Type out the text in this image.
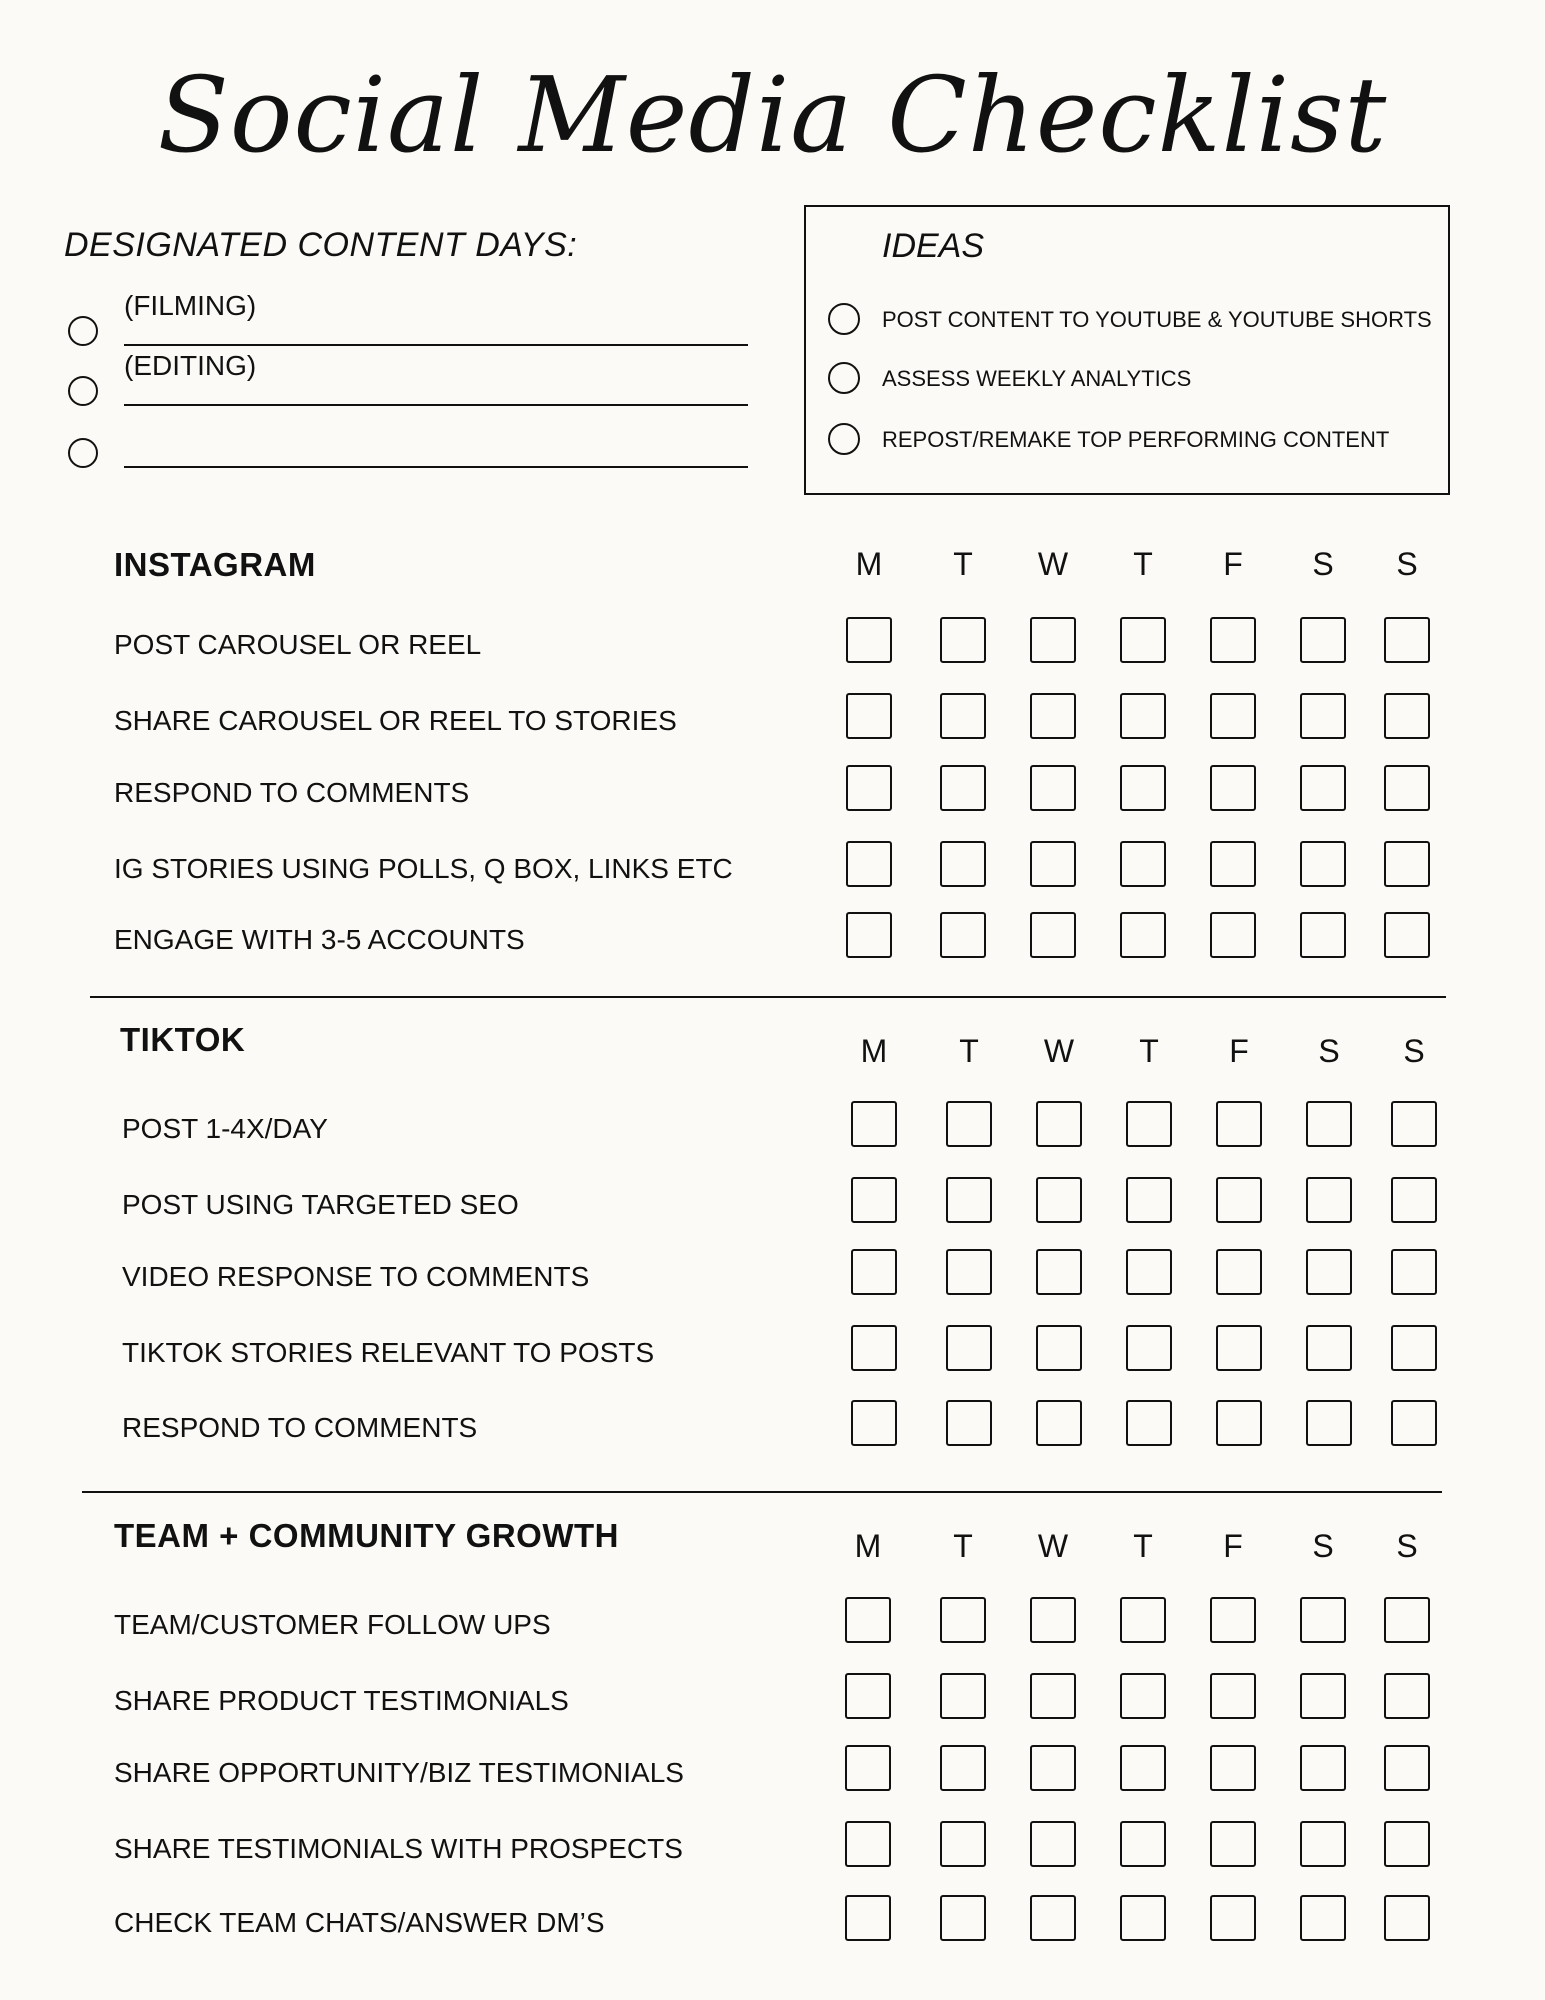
Social Media Checklist
DESIGNATED CONTENT DAYS:
(FILMING)
(EDITING)
IDEAS
POST CONTENT TO YOUTUBE & YOUTUBE SHORTS
ASSESS WEEKLY ANALYTICS
REPOST/REMAKE TOP PERFORMING CONTENT
INSTAGRAM	M T W T F S S
POST CAROUSEL OR REEL
SHARE CAROUSEL OR REEL TO STORIES
RESPOND TO COMMENTS
IG STORIES USING POLLS, Q BOX, LINKS ETC
ENGAGE WITH 3-5 ACCOUNTS
TIKTOK	M T W T F S S
POST 1-4X/DAY
POST USING TARGETED SEO
VIDEO RESPONSE TO COMMENTS
TIKTOK STORIES RELEVANT TO POSTS
RESPOND TO COMMENTS
TEAM + COMMUNITY GROWTH	M T W T F S S
TEAM/CUSTOMER FOLLOW UPS
SHARE PRODUCT TESTIMONIALS
SHARE OPPORTUNITY/BIZ TESTIMONIALS
SHARE TESTIMONIALS WITH PROSPECTS
CHECK TEAM CHATS/ANSWER DM’S
